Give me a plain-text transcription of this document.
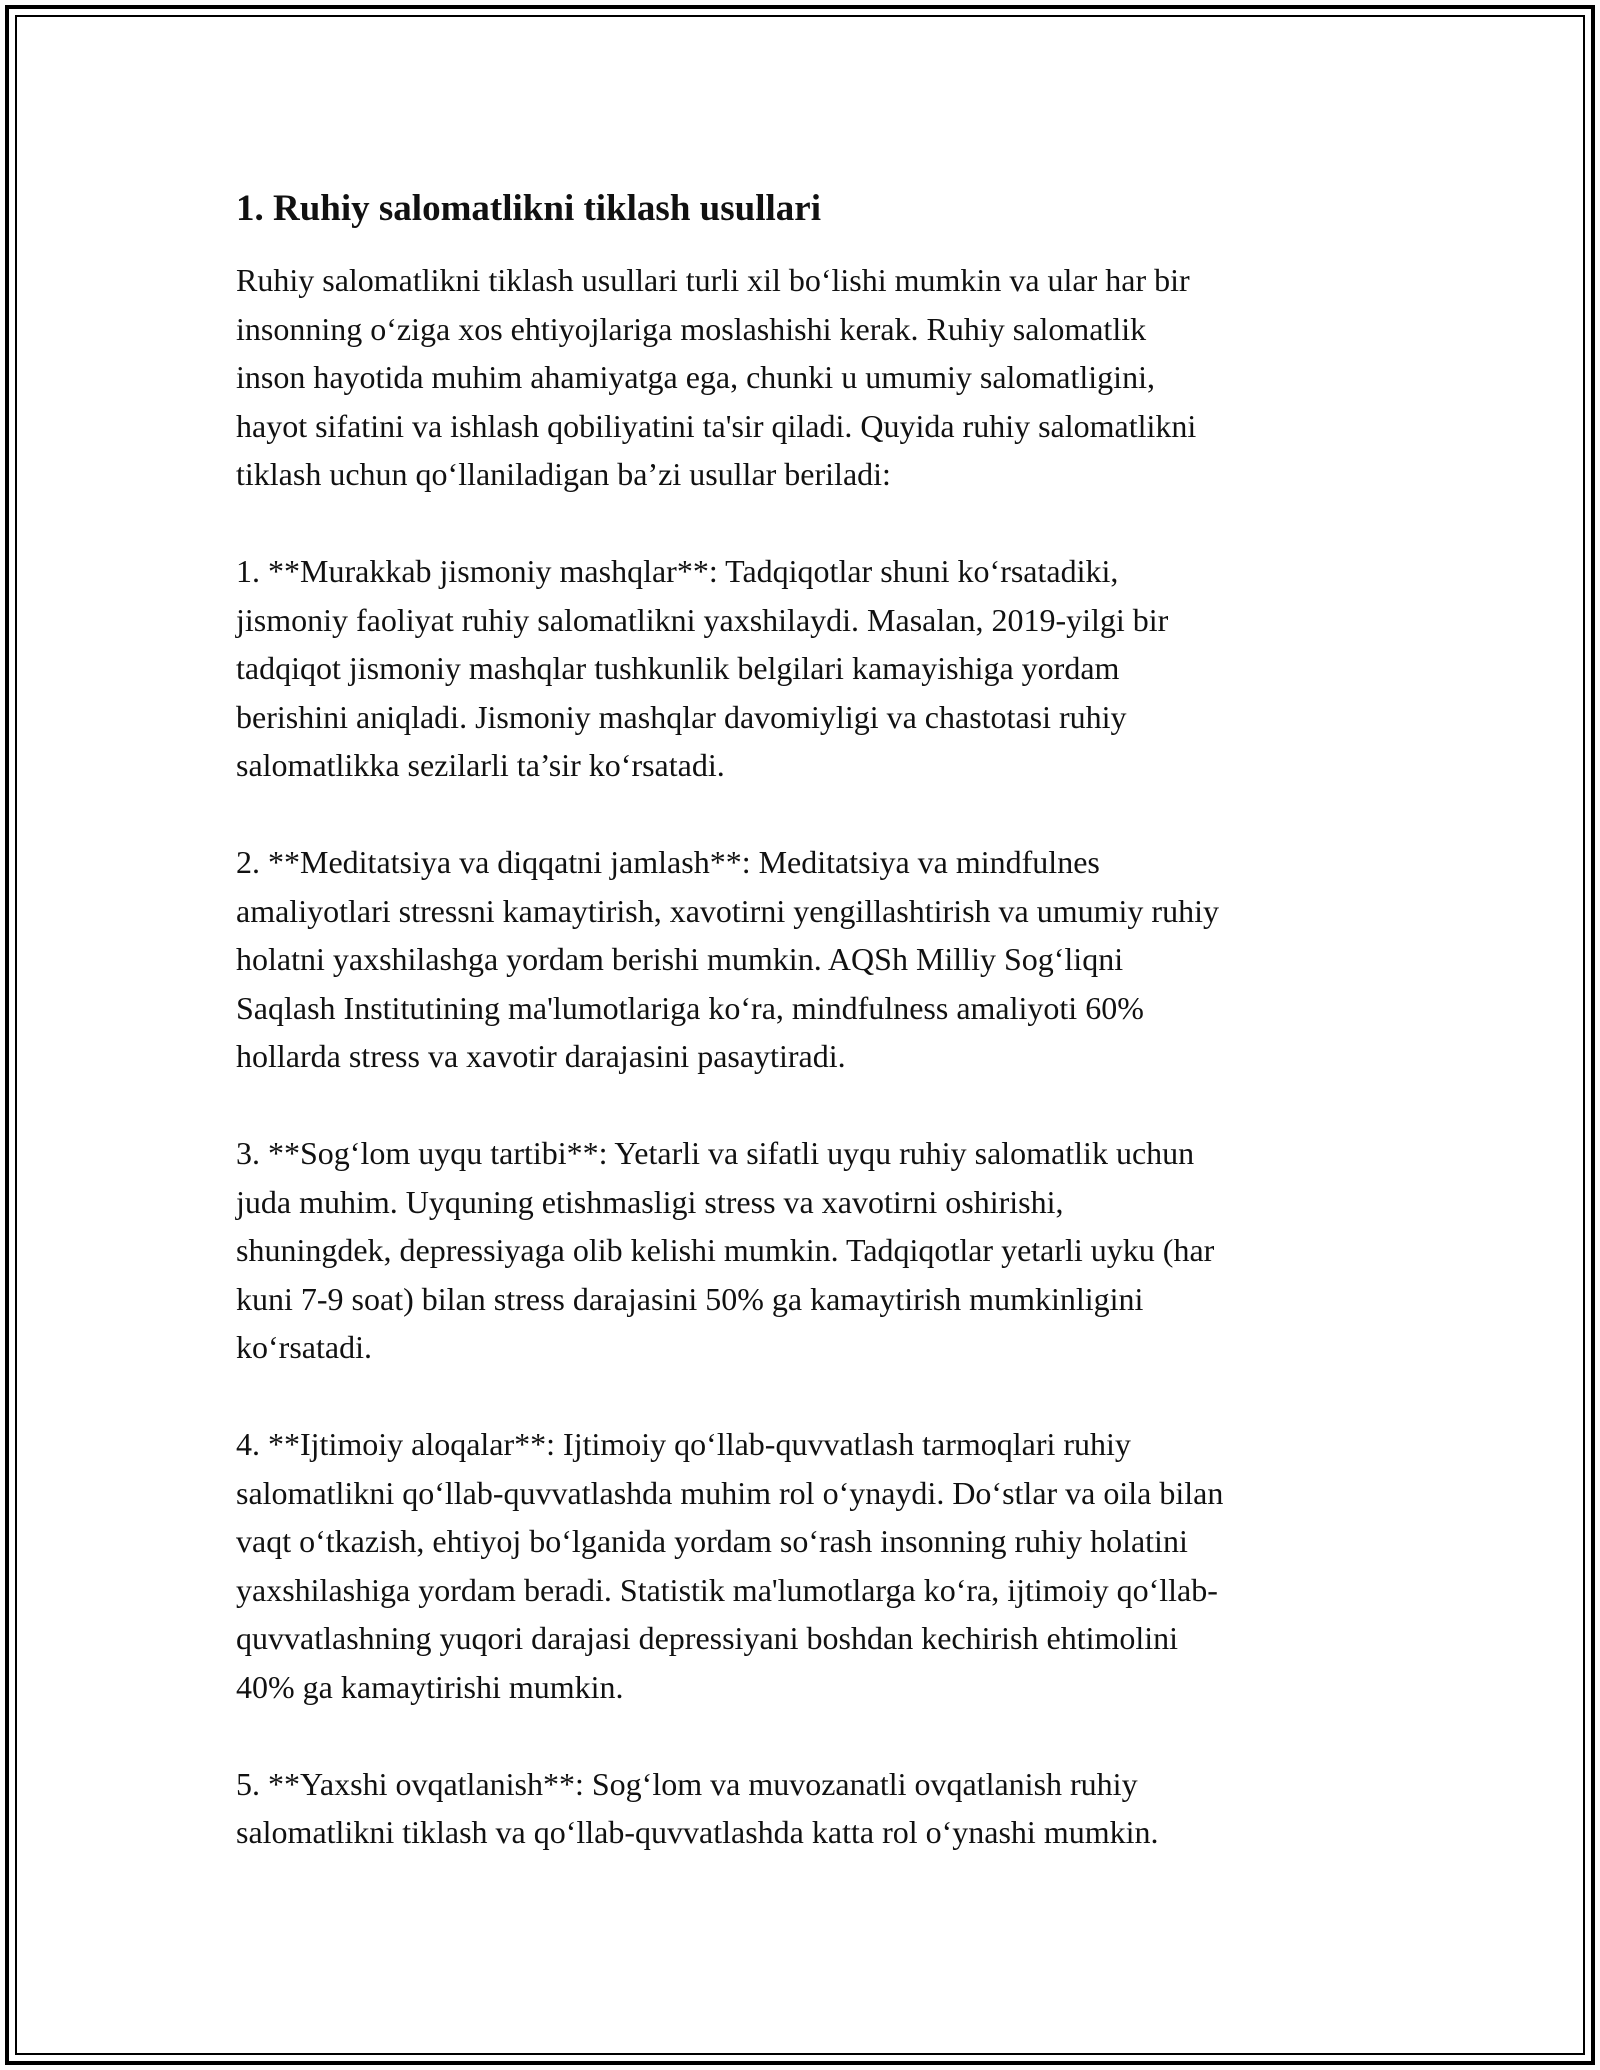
1. Ruhiy salomatlikni tiklash usullari

Ruhiy salomatlikni tiklash usullari turli xil bo‘lishi mumkin va ular har bir
insonning o‘ziga xos ehtiyojlariga moslashishi kerak. Ruhiy salomatlik
inson hayotida muhim ahamiyatga ega, chunki u umumiy salomatligini,
hayot sifatini va ishlash qobiliyatini ta'sir qiladi. Quyida ruhiy salomatlikni
tiklash uchun qo‘llaniladigan ba’zi usullar beriladi:

1. **Murakkab jismoniy mashqlar**: Tadqiqotlar shuni ko‘rsatadiki,
jismoniy faoliyat ruhiy salomatlikni yaxshilaydi. Masalan, 2019-yilgi bir
tadqiqot jismoniy mashqlar tushkunlik belgilari kamayishiga yordam
berishini aniqladi. Jismoniy mashqlar davomiyligi va chastotasi ruhiy
salomatlikka sezilarli ta’sir ko‘rsatadi.

2. **Meditatsiya va diqqatni jamlash**: Meditatsiya va mindfulnes
amaliyotlari stressni kamaytirish, xavotirni yengillashtirish va umumiy ruhiy
holatni yaxshilashga yordam berishi mumkin. AQSh Milliy Sog‘liqni
Saqlash Institutining ma'lumotlariga ko‘ra, mindfulness amaliyoti 60%
hollarda stress va xavotir darajasini pasaytiradi.

3. **Sog‘lom uyqu tartibi**: Yetarli va sifatli uyqu ruhiy salomatlik uchun
juda muhim. Uyquning etishmasligi stress va xavotirni oshirishi,
shuningdek, depressiyaga olib kelishi mumkin. Tadqiqotlar yetarli uyku (har
kuni 7-9 soat) bilan stress darajasini 50% ga kamaytirish mumkinligini
ko‘rsatadi.

4. **Ijtimoiy aloqalar**: Ijtimoiy qo‘llab-quvvatlash tarmoqlari ruhiy
salomatlikni qo‘llab-quvvatlashda muhim rol o‘ynaydi. Do‘stlar va oila bilan
vaqt o‘tkazish, ehtiyoj bo‘lganida yordam so‘rash insonning ruhiy holatini
yaxshilashiga yordam beradi. Statistik ma'lumotlarga ko‘ra, ijtimoiy qo‘llab-
quvvatlashning yuqori darajasi depressiyani boshdan kechirish ehtimolini
40% ga kamaytirishi mumkin.

5. **Yaxshi ovqatlanish**: Sog‘lom va muvozanatli ovqatlanish ruhiy
salomatlikni tiklash va qo‘llab-quvvatlashda katta rol o‘ynashi mumkin.
